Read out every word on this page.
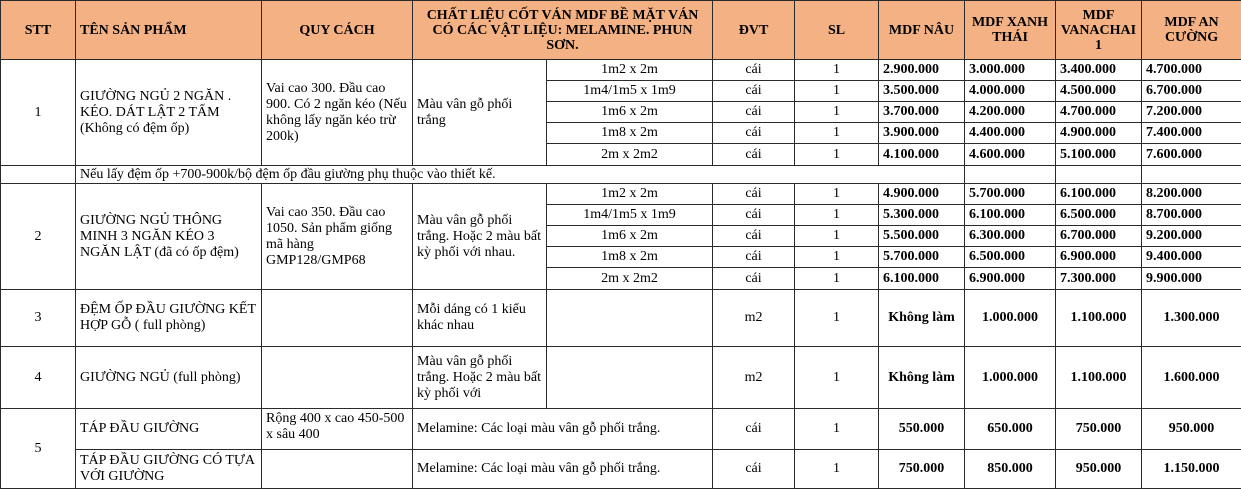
STT	TÊN SẢN PHẨM	QUY CÁCH	CHẤT LIỆU CỐT VÁN MDF BỀ MẶT VÁN CÓ CÁC VẬT LIỆU: MELAMINE. PHUN SƠN.		ĐVT	SL	MDF NÂU	MDF XANH THÁI	MDF VANACHAI 1	MDF AN CƯỜNG	
1	GIƯỜNG NGỦ 2 NGĂN . KÉO. DÁT LẬT 2 TẤM (Không có đệm ốp)	Vai cao 300. Đầu cao 900. Có 2 ngăn kéo (Nếu không lấy ngăn kéo trừ 200k)	Màu vân gỗ phối trắng	1m2 x 2m	cái	1	2.900.000	3.000.000	3.400.000	4.700.000	
				1m4/1m5 x 1m9	cái	1	3.500.000	4.000.000	4.500.000	6.700.000	
				1m6 x 2m	cái	1	3.700.000	4.200.000	4.700.000	7.200.000	
				1m8 x 2m	cái	1	3.900.000	4.400.000	4.900.000	7.400.000	
				2m x 2m2	cái	1	4.100.000	4.600.000	5.100.000	7.600.000	
	Nếu lấy đệm ốp +700-900k/bộ đệm ốp đầu giường phụ thuộc vào thiết kế.										
2	GIƯỜNG NGỦ THÔNG MINH 3 NGĂN KÉO 3 NGĂN LẬT (đã có ốp đệm)	Vai cao 350. Đầu cao 1050. Sản phẩm giống mã hàng GMP128/GMP68	Màu vân gỗ phối trắng. Hoặc 2 màu bất kỳ phối với nhau.	1m2 x 2m	cái	1	4.900.000	5.700.000	6.100.000	8.200.000	
				1m4/1m5 x 1m9	cái	1	5.300.000	6.100.000	6.500.000	8.700.000	
				1m6 x 2m	cái	1	5.500.000	6.300.000	6.700.000	9.200.000	
				1m8 x 2m	cái	1	5.700.000	6.500.000	6.900.000	9.400.000	
				2m x 2m2	cái	1	6.100.000	6.900.000	7.300.000	9.900.000	
3	ĐỆM ỐP ĐẦU GIƯỜNG KẾT HỢP GỖ ( full phòng)		Mỗi dáng có 1 kiểu khác nhau		m2	1	Không làm	1.000.000	1.100.000	1.300.000	
4	GIƯỜNG NGỦ (full phòng)		Màu vân gỗ phối trắng. Hoặc 2 màu bất kỳ phối với		m2	1	Không làm	1.000.000	1.100.000	1.600.000	
5	TÁP ĐẦU GIƯỜNG	Rộng 400 x cao 450-500 x sâu 400	Melamine: Các loại màu vân gỗ phối trắng.		cái	1	550.000	650.000	750.000	950.000	
	TÁP ĐẦU GIƯỜNG CÓ TỰA VỚI GIƯỜNG		Melamine: Các loại màu vân gỗ phối trắng.		cái	1	750.000	850.000	950.000	1.150.000	
